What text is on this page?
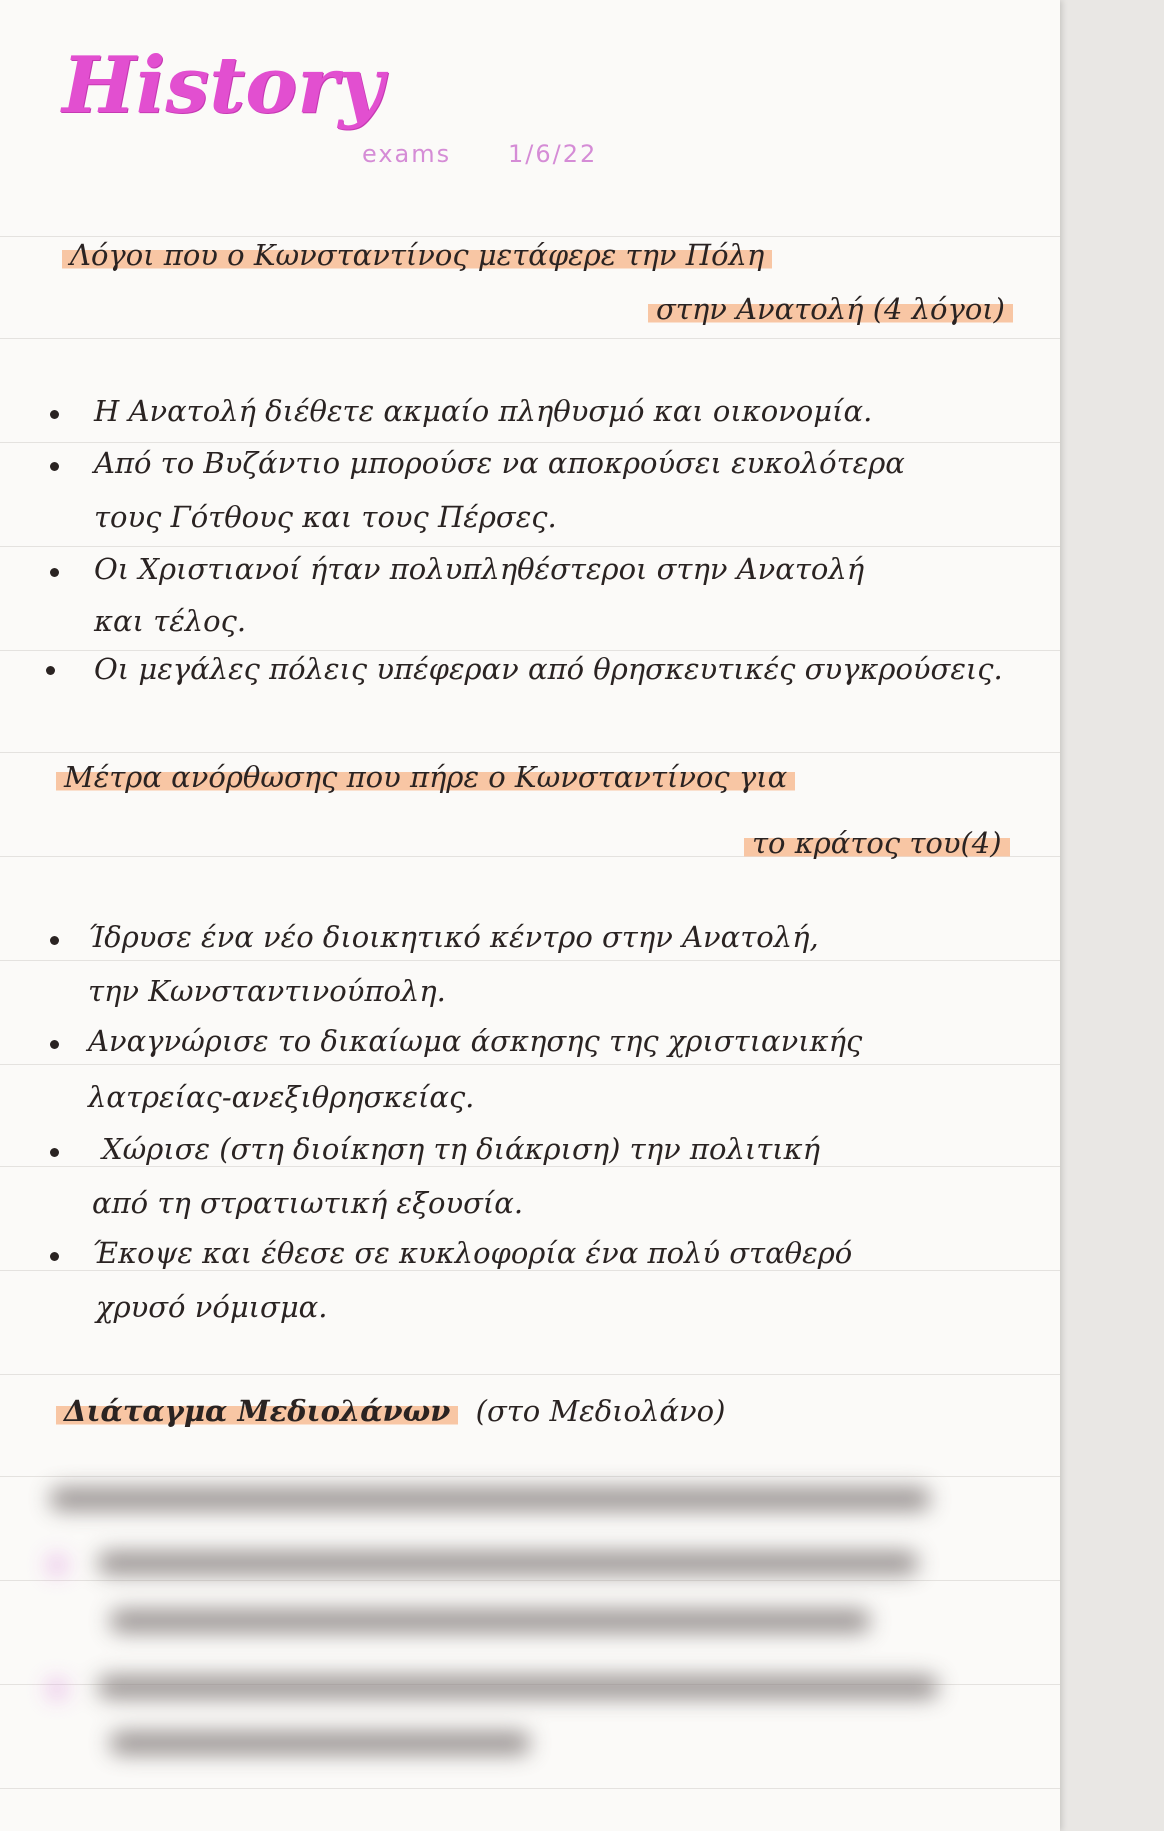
History
exams 1/6/22
Λόγοι που ο Κωνσταντίνος μετάφερε την Πόλη
στην Ανατολή (4 λόγοι)
Η Ανατολή διέθετε ακμαίο πληθυσμό και οικονομία.
Από το Βυζάντιο μπορούσε να αποκρούσει ευκολότερα
τους Γότθους και τους Πέρσες.
Οι Χριστιανοί ήταν πολυπληθέστεροι στην Ανατολή
και τέλος.
Οι μεγάλες πόλεις υπέφεραν από θρησκευτικές συγκρούσεις.
Μέτρα ανόρθωσης που πήρε ο Κωνσταντίνος για
το κράτος του(4)
Ίδρυσε ένα νέο διοικητικό κέντρο στην Ανατολή,
την Κωνσταντινούπολη.
Αναγνώρισε το δικαίωμα άσκησης της χριστιανικής
λατρείας-ανεξιθρησκείας.
Χώρισε (στη διοίκηση τη διάκριση) την πολιτική
από τη στρατιωτική εξουσία.
Έκοψε και έθεσε σε κυκλοφορία ένα πολύ σταθερό
χρυσό νόμισμα.
Διάταγμα Μεδιολάνων (στο Μεδιολάνο)
